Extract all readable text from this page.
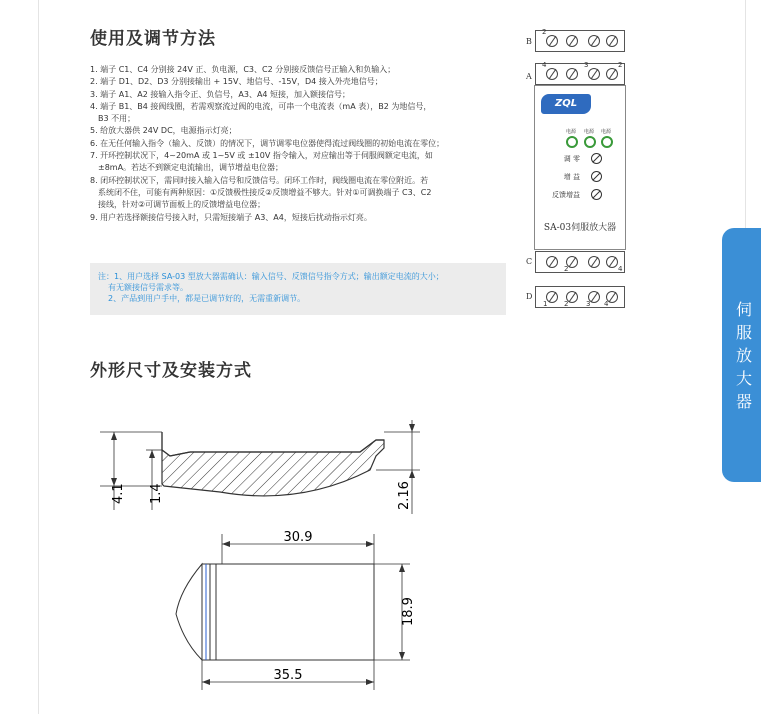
使用及调节方法
1. 端子 C1、C4 分别接 24V 正、负电源，C3、C2 分别接反馈信号正输入和负输入；
2. 端子 D1、D2、D3 分别接输出 + 15V、地信号、-15V，D4 接入外壳地信号；
3. 端子 A1、A2 接输入指令正、负信号，A3、A4 短接，加入额接信号；
4. 端子 B1、B4 接阀线圈，若需观察流过阀的电流，可串一个电流表（mA 表），B2 为地信号，
B3 不用；
5. 给放大器供 24V DC，电源指示灯亮；
6. 在无任何输入指令（输入、反馈）的情况下，调节调零电位器使得流过阀线圈的初始电流在零位；
7. 开环控制状况下，4~20mA 或 1~5V 或 ±10V 指令输入，对应输出等于伺服阀额定电流，如
±8mA。若达不到额定电流输出，调节增益电位器；
8. 闭环控制状况下，需同时接入输入信号和反馈信号。闭环工作时，阀线圈电流在零位附近。若
系统闭不住，可能有两种原因：①反馈极性接反②反馈增益不够大。针对①可调换端子 C3、C2
接线，针对②可调节面板上的反馈增益电位器；
9. 用户若选择额接信号接入时，只需短接端子 A3、A4，短接后扰动指示灯亮。
注：1、用户选择 SA-03 型放大器需确认：输入信号、反馈信号指令方式；输出额定电流的大小；
有无额接信号需求等。
2、产品到用户手中，都是已调节好的，无需重新调节。
B
2
A
4	3	2
ZQL
电源 电源 电源
调 零
增 益
反馈增益
SA-03伺服放大器
C
2	4
D
1 2	3 4	伺服放大器
外形尺寸及安装方式
4.1 1.4	2.16
30.9
18.9
35.5
